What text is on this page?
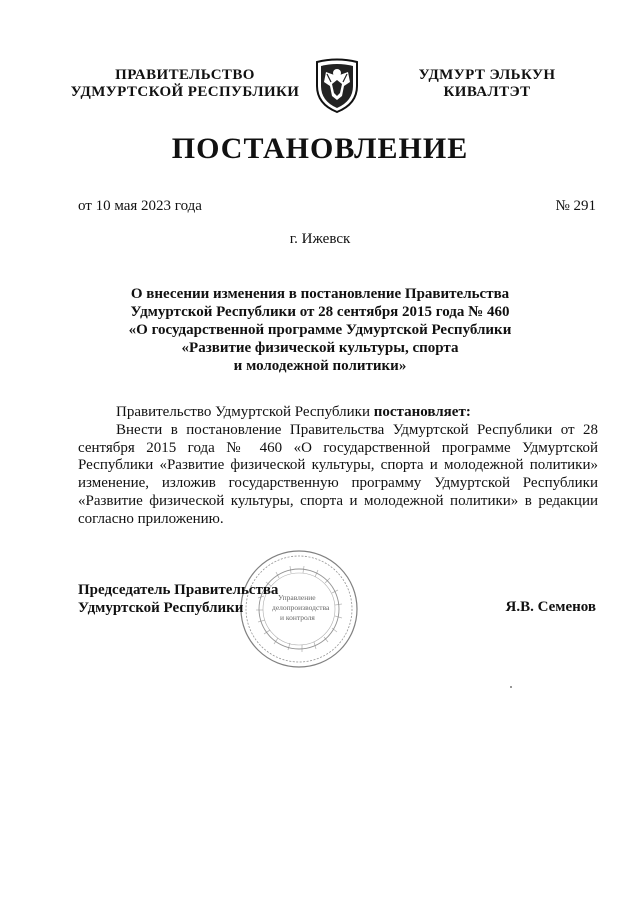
ПРАВИТЕЛЬСТВО
УДМУРТСКОЙ РЕСПУБЛИКИ
УДМУРТ ЭЛЬКУН
КИВАЛТЭТ
ПОСТАНОВЛЕНИЕ
от 10 мая 2023 года	№ 291
г. Ижевск
О внесении изменения в постановление Правительства
Удмуртской Республики от 28 сентября 2015 года № 460
«О государственной программе Удмуртской Республики
«Развитие физической культуры, спорта
и молодежной политики»

Правительство Удмуртской Республики постановляет:

Внести в постановление Правительства Удмуртской Республики от 28 сентября 2015 года № 460 «О государственной программе Удмуртской Республики «Развитие физической культуры, спорта и молодежной политики» изменение, изложив государственную программу Удмуртской Республики «Развитие физической культуры, спорта и молодежной политики» в редакции согласно приложению.

Управление
делопроизводства
и контроля
Председатель Правительства
Удмуртской Республики	Я.В. Семенов
